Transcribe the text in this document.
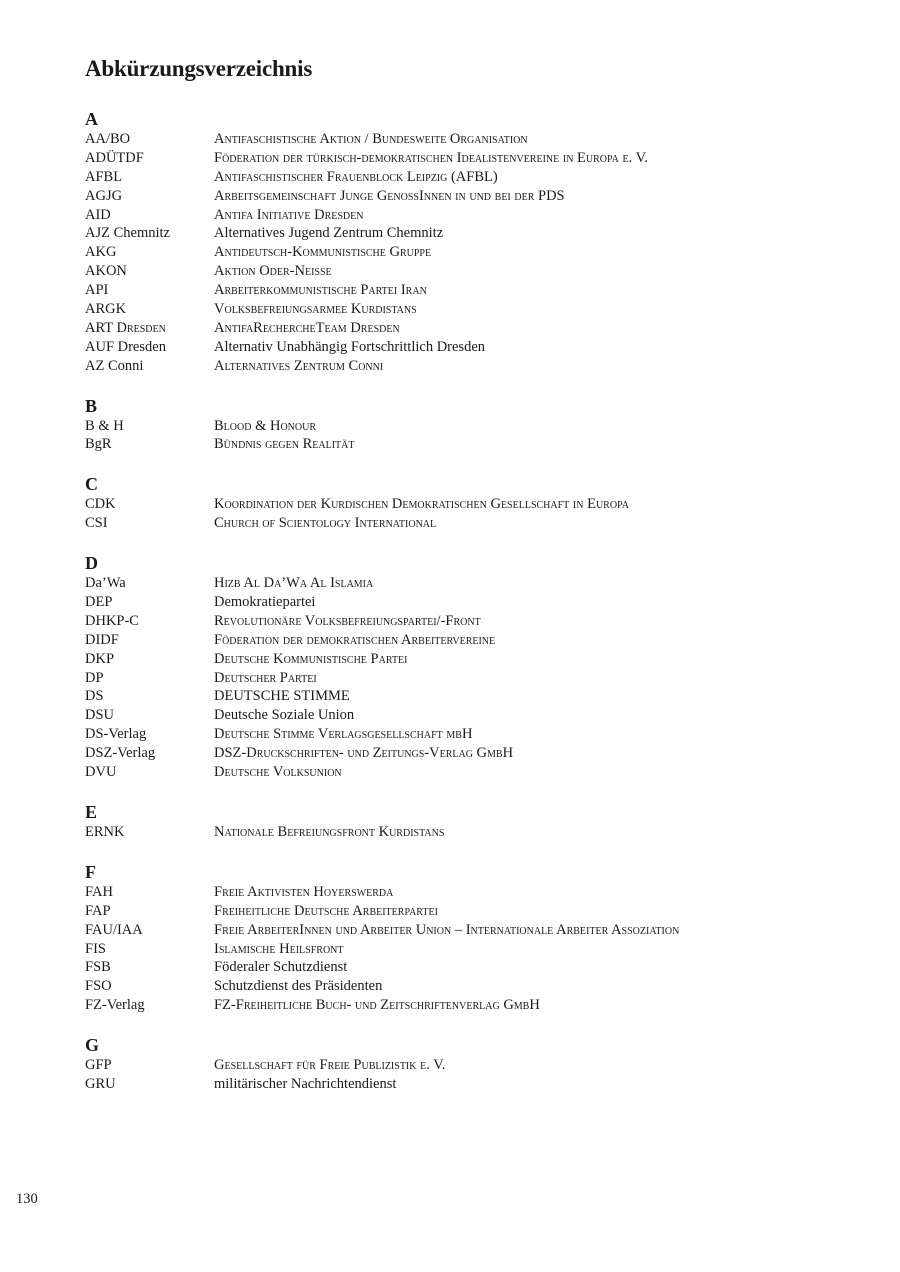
Abkürzungsverzeichnis
A
AA/BO	Antifaschistische Aktion / Bundesweite Organisation
ADÜTDF	Föderation der türkisch-demokratischen Idealistenvereine in Europa e. V.
AFBL	Antifaschistischer Frauenblock Leipzig (AFBL)
AGJG	Arbeitsgemeinschaft Junge GenossInnen in und bei der PDS
AID	Antifa Initiative Dresden
AJZ Chemnitz	Alternatives Jugend Zentrum Chemnitz
AKG	Antideutsch-Kommunistische Gruppe
AKON	Aktion Oder-Neiße
API	Arbeiterkommunistische Partei Iran
ARGK	Volksbefreiungsarmee Kurdistans
ART Dresden	AntifaRechercheTeam Dresden
AUF Dresden	Alternativ Unabhängig Fortschrittlich Dresden
AZ Conni	Alternatives Zentrum Conni
B
B & H	Blood & Honour
BgR	Bündnis gegen Realität
C
CDK	Koordination der Kurdischen Demokratischen Gesellschaft in Europa
CSI	Church of Scientology International
D
Da’Wa	Hizb Al Da’Wa Al Islamia
DEP	Demokratiepartei
DHKP-C	Revolutionäre Volksbefreiungspartei/-Front
DIDF	Föderation der demokratischen Arbeitervereine
DKP	Deutsche Kommunistische Partei
DP	Deutscher Partei
DS	DEUTSCHE STIMME
DSU	Deutsche Soziale Union
DS-Verlag	Deutsche Stimme Verlagsgesellschaft mbH
DSZ-Verlag	DSZ-Druckschriften- und Zeitungs-Verlag GmbH
DVU	Deutsche Volksunion
E
ERNK	Nationale Befreiungsfront Kurdistans
F
FAH	Freie Aktivisten Hoyerswerda
FAP	Freiheitliche Deutsche Arbeiterpartei
FAU/IAA	Freie ArbeiterInnen und Arbeiter Union – Internationale Arbeiter Assoziation
FIS	Islamische Heilsfront
FSB	Föderaler Schutzdienst
FSO	Schutzdienst des Präsidenten
FZ-Verlag	FZ-Freiheitliche Buch- und Zeitschriftenverlag GmbH
G
GFP	Gesellschaft für Freie Publizistik e. V.
GRU	militärischer Nachrichtendienst
130
